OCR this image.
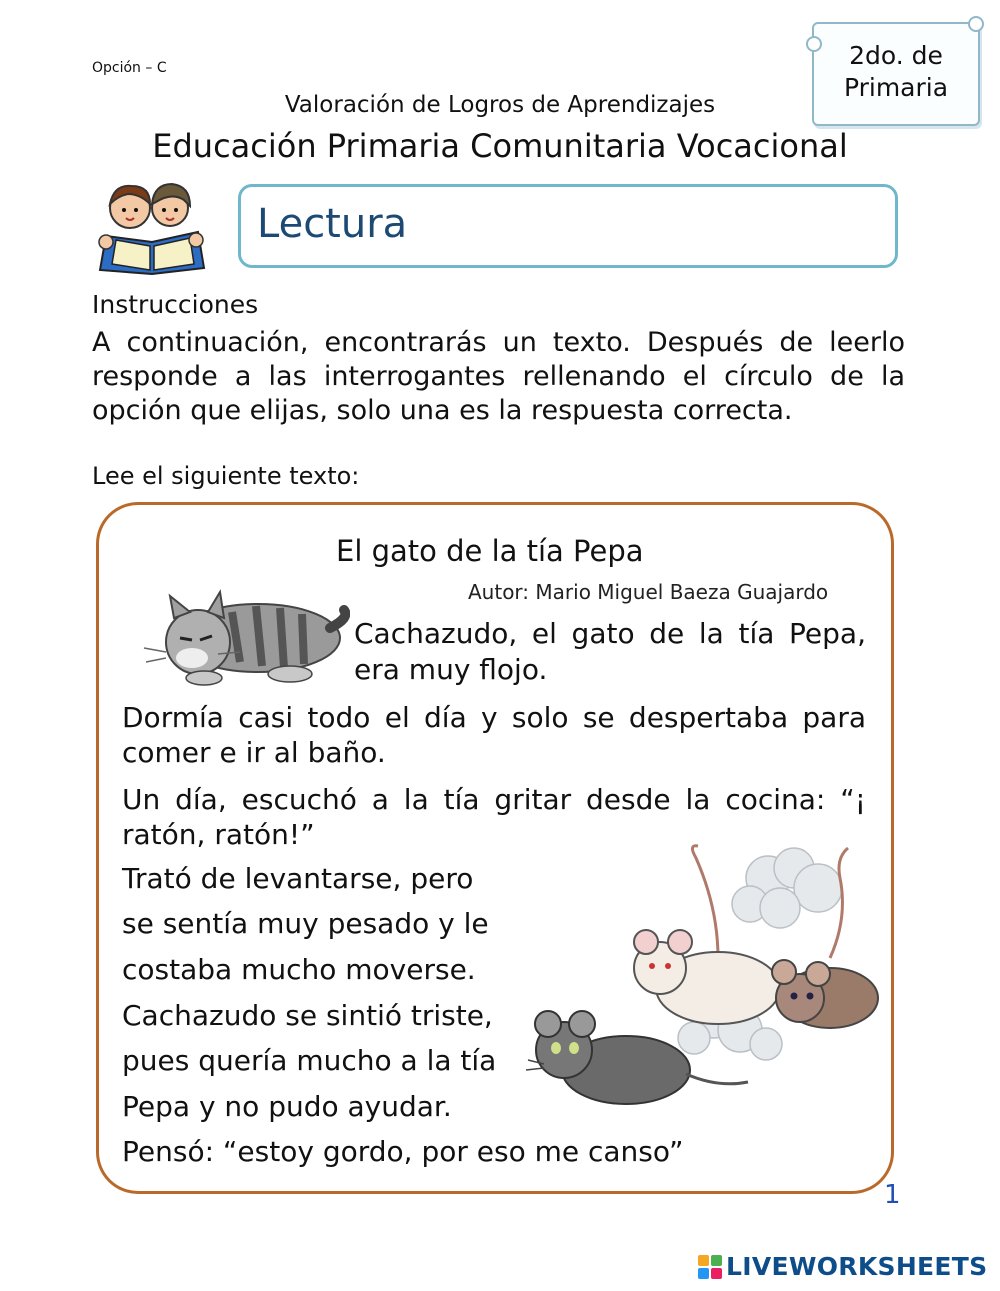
Opción – C	2do. de
Primaria
Valoración de Logros de Aprendizajes
Educación Primaria Comunitaria Vocacional
Lectura
Instrucciones
A continuación, encontrarás un texto. Después de leerlo responde a las interrogantes rellenando el círculo de la opción que elijas, solo una es la respuesta correcta.
Lee el siguiente texto:
El gato de la tía Pepa
Autor: Mario Miguel Baeza Guajardo
Cachazudo, el gato de la tía Pepa, era muy flojo.
Dormía casi todo el día y solo se despertaba para comer e ir al baño.
Un día, escuchó a la tía gritar desde la cocina: “¡ ratón, ratón!”
Trató de levantarse, pero
se sentía muy pesado y le
costaba mucho moverse.
Cachazudo se sintió triste,
pues quería mucho a la tía
Pepa y no pudo ayudar.
Pensó: “estoy gordo, por eso me canso”
1
LIVEWORKSHEETS
